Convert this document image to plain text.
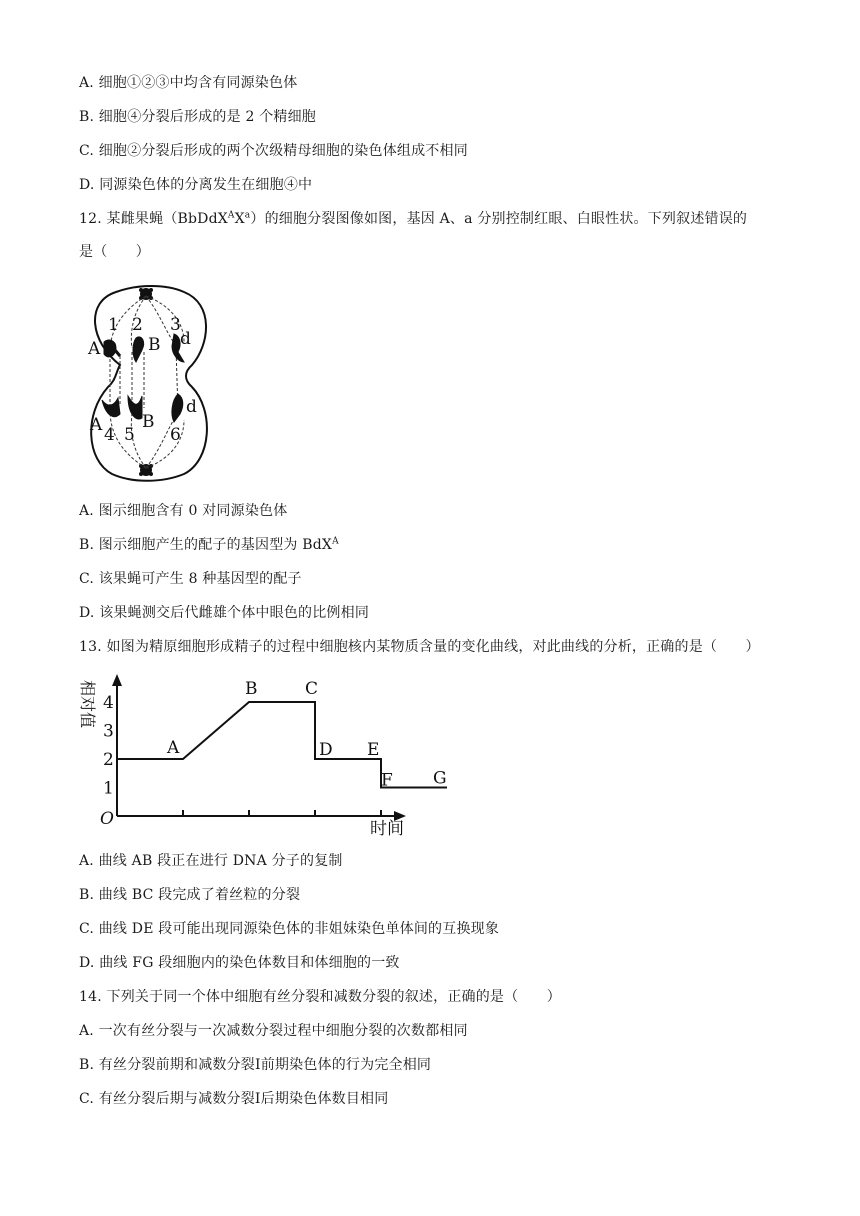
A. 细胞①②③中均含有同源染色体
B. 细胞④分裂后形成的是 2 个精细胞
C. 细胞②分裂后形成的两个次级精母细胞的染色体组成不相同
D. 同源染色体的分离发生在细胞④中
12. 某雌果蝇$(BbDdX^AX^a)$的细胞分裂图像如图，基因 A、a 分别控制红眼、白眼性状。下列叙述错误的
是（　　）
1 2 3
A	B d
A B
d
4 5 6
A. 图示细胞含有 0 对同源染色体
B. 图示细胞产生的配子的基因型为 BdX$^A$
C. 该果蝇可产生 8 种基因型的配子
D. 该果蝇测交后代雌雄个体中眼色的比例相同
13. 如图为精原细胞形成精子的过程中细胞核内某物质含量的变化曲线，对此曲线的分析，正确的是（　　）
相对值
时间
O
1
2
3
4
A
B	C
D E
F G
A. 曲线 AB 段正在进行 DNA 分子的复制
B. 曲线 BC 段完成了着丝粒的分裂
C. 曲线 DE 段可能出现同源染色体的非姐妹染色单体间的互换现象
D. 曲线 FG 段细胞内的染色体数目和体细胞的一致
14. 下列关于同一个体中细胞有丝分裂和减数分裂的叙述，正确的是（　　）
A. 一次有丝分裂与一次减数分裂过程中细胞分裂的次数都相同
B. 有丝分裂前期和减数分裂Ⅰ前期染色体的行为完全相同
C. 有丝分裂后期与减数分裂Ⅰ后期染色体数目相同
